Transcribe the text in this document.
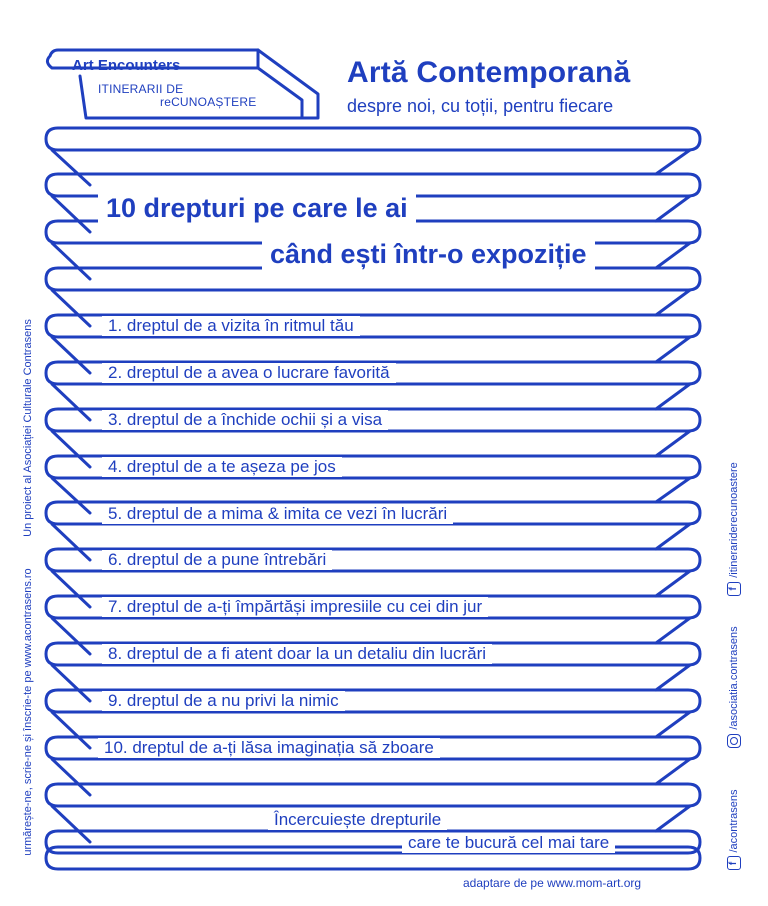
Art Encounters
ITINERARII DE
reCUNOAȘTERE
Artă Contemporană
despre noi, cu toții, pentru fiecare
10 drepturi pe care le ai
când ești într-o expoziție
1. dreptul de a vizita în ritmul tău
2. dreptul de a avea o lucrare favorită
3. dreptul de a închide ochii și a visa
4. dreptul de a te așeza pe jos
5. dreptul de a mima & imita ce vezi în lucrări
6. dreptul de a pune întrebări
7. dreptul de a-ți împărtăși impresiile cu cei din jur
8. dreptul de a fi atent doar la un detaliu din lucrări
9. dreptul de a nu privi la nimic
10. dreptul de a-ți lăsa imaginația să zboare
Încercuiește drepturile
care te bucură cel mai tare
adaptare de pe www.mom-art.org
Un proiect al Asociației Culturale Contrasens
urmărește-ne, scrie-ne și înscrie-te pe www.acontrasens.ro	f
/itinerariderecunoastere
/asociatia.contrasens
f
/acontrasens
